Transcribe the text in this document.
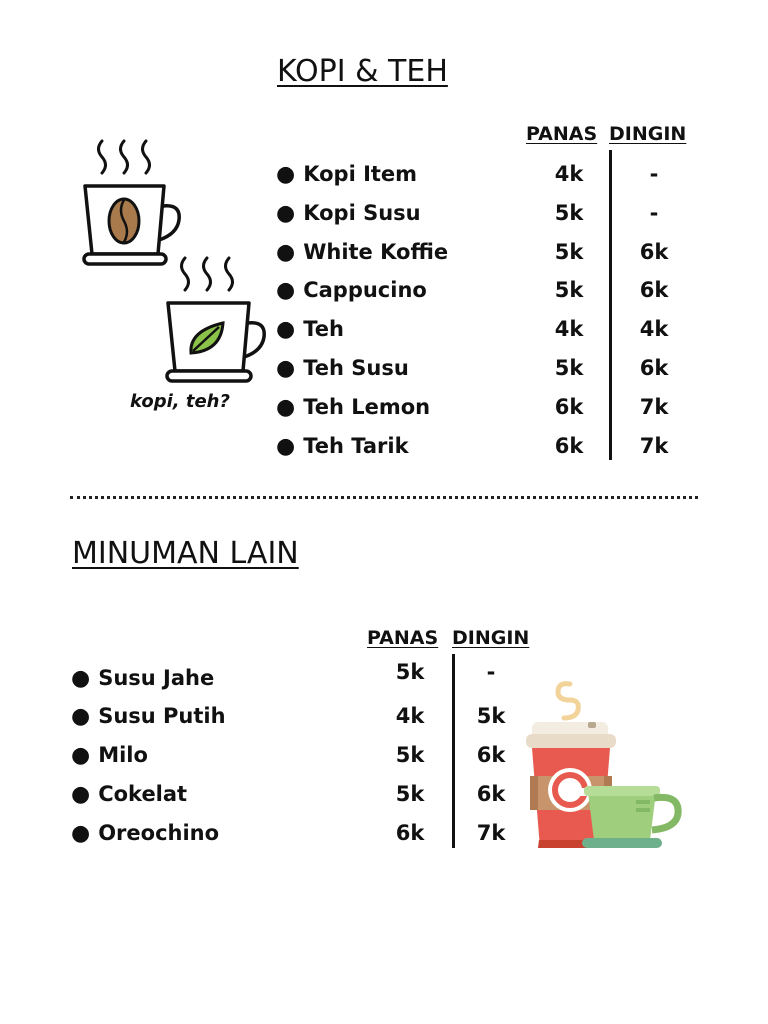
KOPI & TEH
PANAS DINGIN
kopi, teh?
● Kopi Item	4k	-
● Kopi Susu	5k	-
● White Koffie	5k	6k
● Cappucino	5k	6k
● Teh	4k	4k
● Teh Susu	5k	6k
● Teh Lemon	6k	7k
● Teh Tarik	6k	7k
MINUMAN LAIN
PANAS DINGIN
● Susu Jahe	5k	-
● Susu Putih	4k	5k
● Milo	5k	6k
● Cokelat	5k	6k
● Oreochino	6k	7k
